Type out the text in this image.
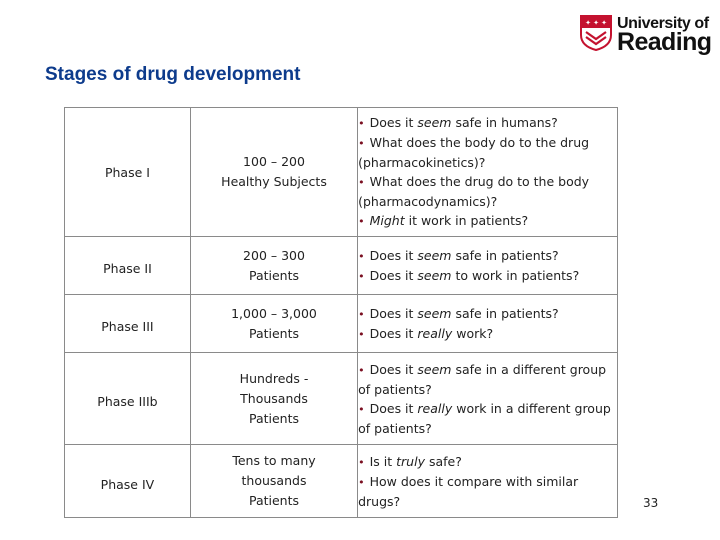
✦ ✦ ✦ University of
Reading
Stages of drug development
Phase I	100 – 200
Healthy Subjects	• Does it seem safe in humans?
• What does the body do to the drug (pharmacokinetics)?
• What does the drug do to the body (pharmacodynamics)?
• Might it work in patients?

Phase II	200 – 300
Patients	• Does it seem safe in patients?
• Does it seem to work in patients?

Phase III	1,000 – 3,000
Patients	• Does it seem safe in patients?
• Does it really work?

Phase IIIb	Hundreds -
Thousands
Patients	• Does it seem safe in a different group of patients?
• Does it really work in a different group of patients?

Phase IV	Tens to many
thousands
Patients	• Is it truly safe?
• How does it compare with similar drugs?	33
